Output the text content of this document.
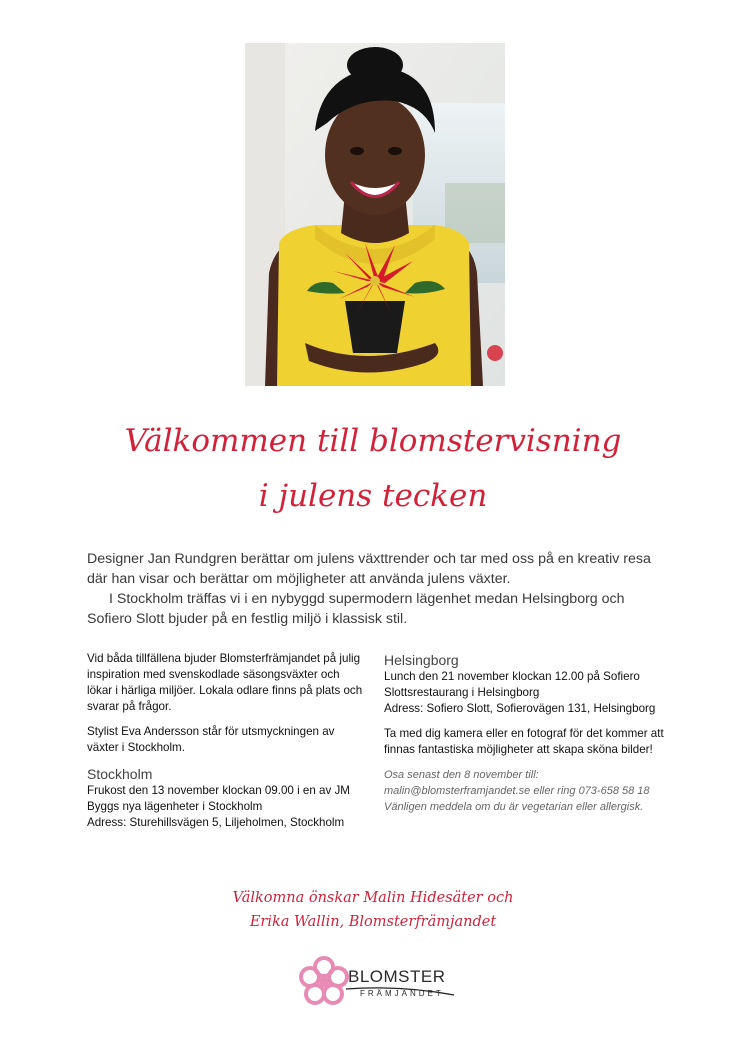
Välkommen till blomstervisning
i julens tecken

Designer Jan Rundgren berättar om julens växttrender och tar med oss på en kreativ resa där han visar och berättar om möjligheter att använda julens växter.

I Stockholm träffas vi i en nybyggd supermodern lägenhet medan Helsingborg och Sofiero Slott bjuder på en festlig miljö i klassisk stil.

Vid båda tillfällena bjuder Blomsterfrämjandet på julig inspiration med svenskodlade säsongsväxter och lökar i härliga miljöer. Lokala odlare finns på plats och svarar på frågor.

Stylist Eva Andersson står för utsmyckningen av växter i Stockholm.

Stockholm

Frukost den 13 november klockan 09.00 i en av JM Byggs nya lägenheter i Stockholm

Adress: Sturehillsvägen 5, Liljeholmen, Stockholm

Helsingborg

Lunch den 21 november klockan 12.00 på Sofiero Slottsrestaurang i Helsingborg

Adress: Sofiero Slott, Sofierovägen 131, Helsingborg

Ta med dig kamera eller en fotograf för det kommer att finnas fantastiska möjligheter att skapa sköna bilder!

Osa senast den 8 november till:

malin@blomsterframjandet.se eller ring 073-658 58 18

Vänligen meddela om du är vegetarian eller allergisk.

Välkomna önskar Malin Hidesäter och
Erika Wallin, Blomsterfrämjandet
BLOMSTER
FRÄMJANDET
